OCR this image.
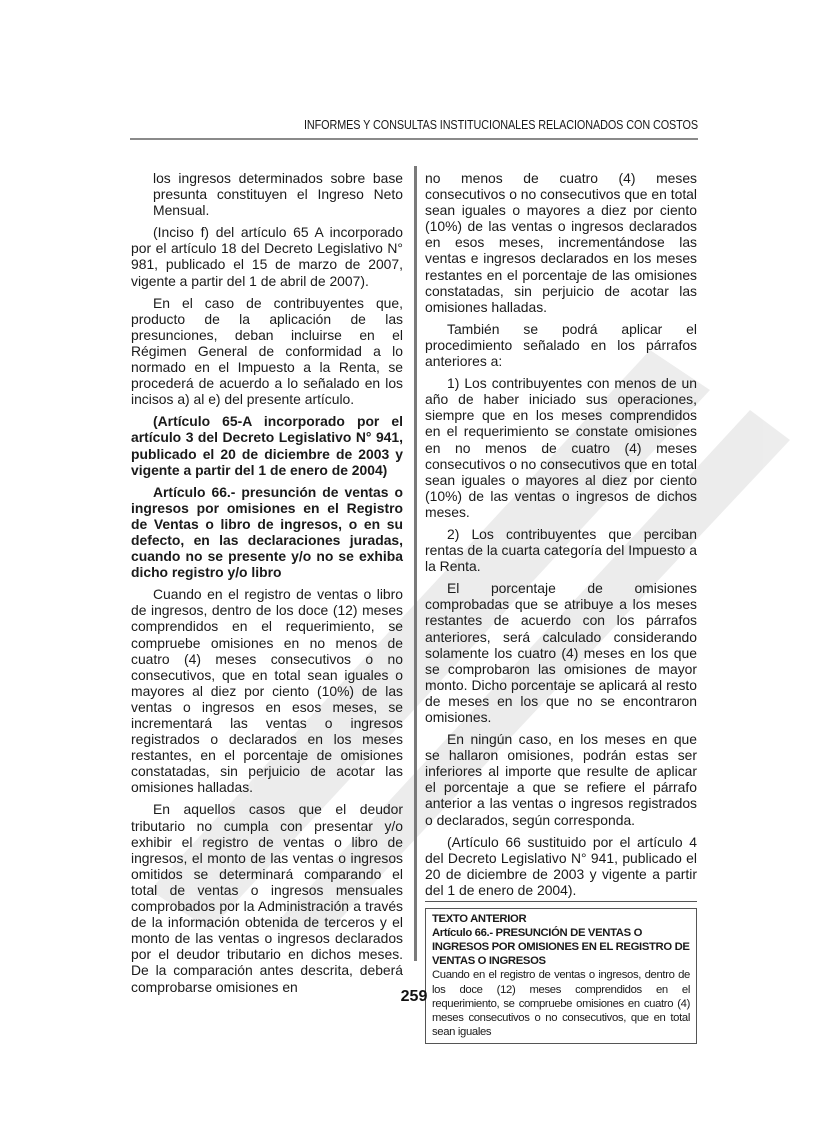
INFORMES Y CONSULTAS INSTITUCIONALES RELACIONADOS CON COSTOS

los ingresos determinados sobre base presunta constituyen el Ingreso Neto Mensual.

(Inciso f) del artículo 65 A incorporado por el artículo 18 del Decreto Legislativo N° 981, publicado el 15 de marzo de 2007, vigente a partir del 1 de abril de 2007).

En el caso de contribuyentes que, producto de la aplicación de las presunciones, deban incluirse en el Régimen General de conformidad a lo normado en el Impuesto a la Renta, se procederá de acuerdo a lo señalado en los incisos a) al e) del presente artículo.

(Artículo 65-A incorporado por el artículo 3 del Decreto Legislativo N° 941, publicado el 20 de diciembre de 2003 y vigente a partir del 1 de enero de 2004)

Artículo 66.- presunción de ventas o ingresos por omisiones en el Registro de Ventas o libro de ingresos, o en su defecto, en las declaraciones juradas, cuando no se presente y/o no se exhiba dicho registro y/o libro

Cuando en el registro de ventas o libro de ingresos, dentro de los doce (12) meses comprendidos en el requerimiento, se compruebe omisiones en no menos de cuatro (4) meses consecutivos o no consecutivos, que en total sean iguales o mayores al diez por ciento (10%) de las ventas o ingresos en esos meses, se incrementará las ventas o ingresos registrados o declarados en los meses restantes, en el porcentaje de omisiones constatadas, sin perjuicio de acotar las omisiones halladas.

En aquellos casos que el deudor tributario no cumpla con presentar y/o exhibir el registro de ventas o libro de ingresos, el monto de las ventas o ingresos omitidos se determinará comparando el total de ventas o ingresos mensuales comprobados por la Administración a través de la información obtenida de terceros y el monto de las ventas o ingresos declarados por el deudor tributario en dichos meses. De la comparación antes descrita, deberá comprobarse omisiones en

no menos de cuatro (4) meses consecutivos o no consecutivos que en total sean iguales o mayores a diez por ciento (10%) de las ventas o ingresos declarados en esos meses, incrementándose las ventas e ingresos declarados en los meses restantes en el porcentaje de las omisiones constatadas, sin perjuicio de acotar las omisiones halladas.

También se podrá aplicar el procedimiento señalado en los párrafos anteriores a:

1) Los contribuyentes con menos de un año de haber iniciado sus operaciones, siempre que en los meses comprendidos en el requerimiento se constate omisiones en no menos de cuatro (4) meses consecutivos o no consecutivos que en total sean iguales o mayores al diez por ciento (10%) de las ventas o ingresos de dichos meses.

2) Los contribuyentes que perciban rentas de la cuarta categoría del Impuesto a la Renta.

El porcentaje de omisiones comprobadas que se atribuye a los meses restantes de acuerdo con los párrafos anteriores, será calculado considerando solamente los cuatro (4) meses en los que se comprobaron las omisiones de mayor monto. Dicho porcentaje se aplicará al resto de meses en los que no se encontraron omisiones.

En ningún caso, en los meses en que se hallaron omisiones, podrán estas ser inferiores al importe que resulte de aplicar el porcentaje a que se refiere el párrafo anterior a las ventas o ingresos registrados o declarados, según corresponda.

(Artículo 66 sustituido por el artículo 4 del Decreto Legislativo N° 941, publicado el 20 de diciembre de 2003 y vigente a partir del 1 de enero de 2004).

TEXTO ANTERIOR
Artículo 66.- PRESUNCIÓN DE VENTAS O INGRESOS POR OMISIONES EN EL REGISTRO DE VENTAS O INGRESOS
Cuando en el registro de ventas o ingresos, dentro de los doce (12) meses comprendidos en el requerimiento, se compruebe omisiones en cuatro (4) meses consecutivos o no consecutivos, que en total sean iguales
259
